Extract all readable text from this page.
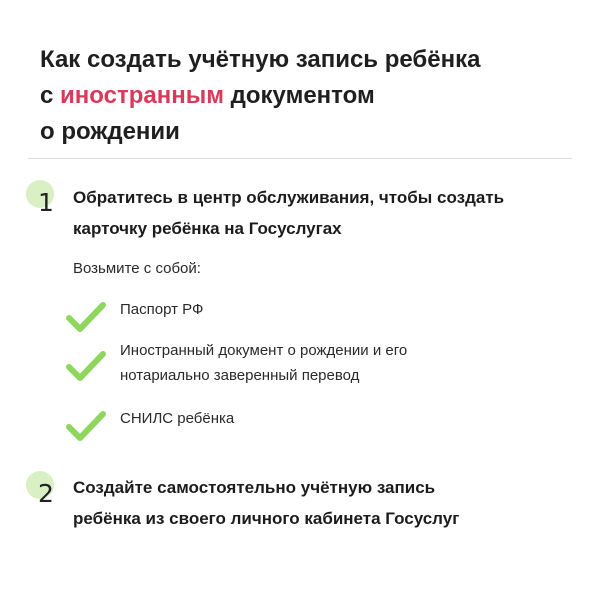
Как создать учётную запись ребёнка
с иностранным документом
о рождении
1 Обратитесь в центр обслуживания, чтобы создать
карточку ребёнка на Госуслугах

Возьмите с собой:
Паспорт РФ
Иностранный документ о рождении и его
нотариально заверенный перевод
СНИЛС ребёнка
2 Создайте самостоятельно учётную запись
ребёнка из своего личного кабинета Госуслуг
